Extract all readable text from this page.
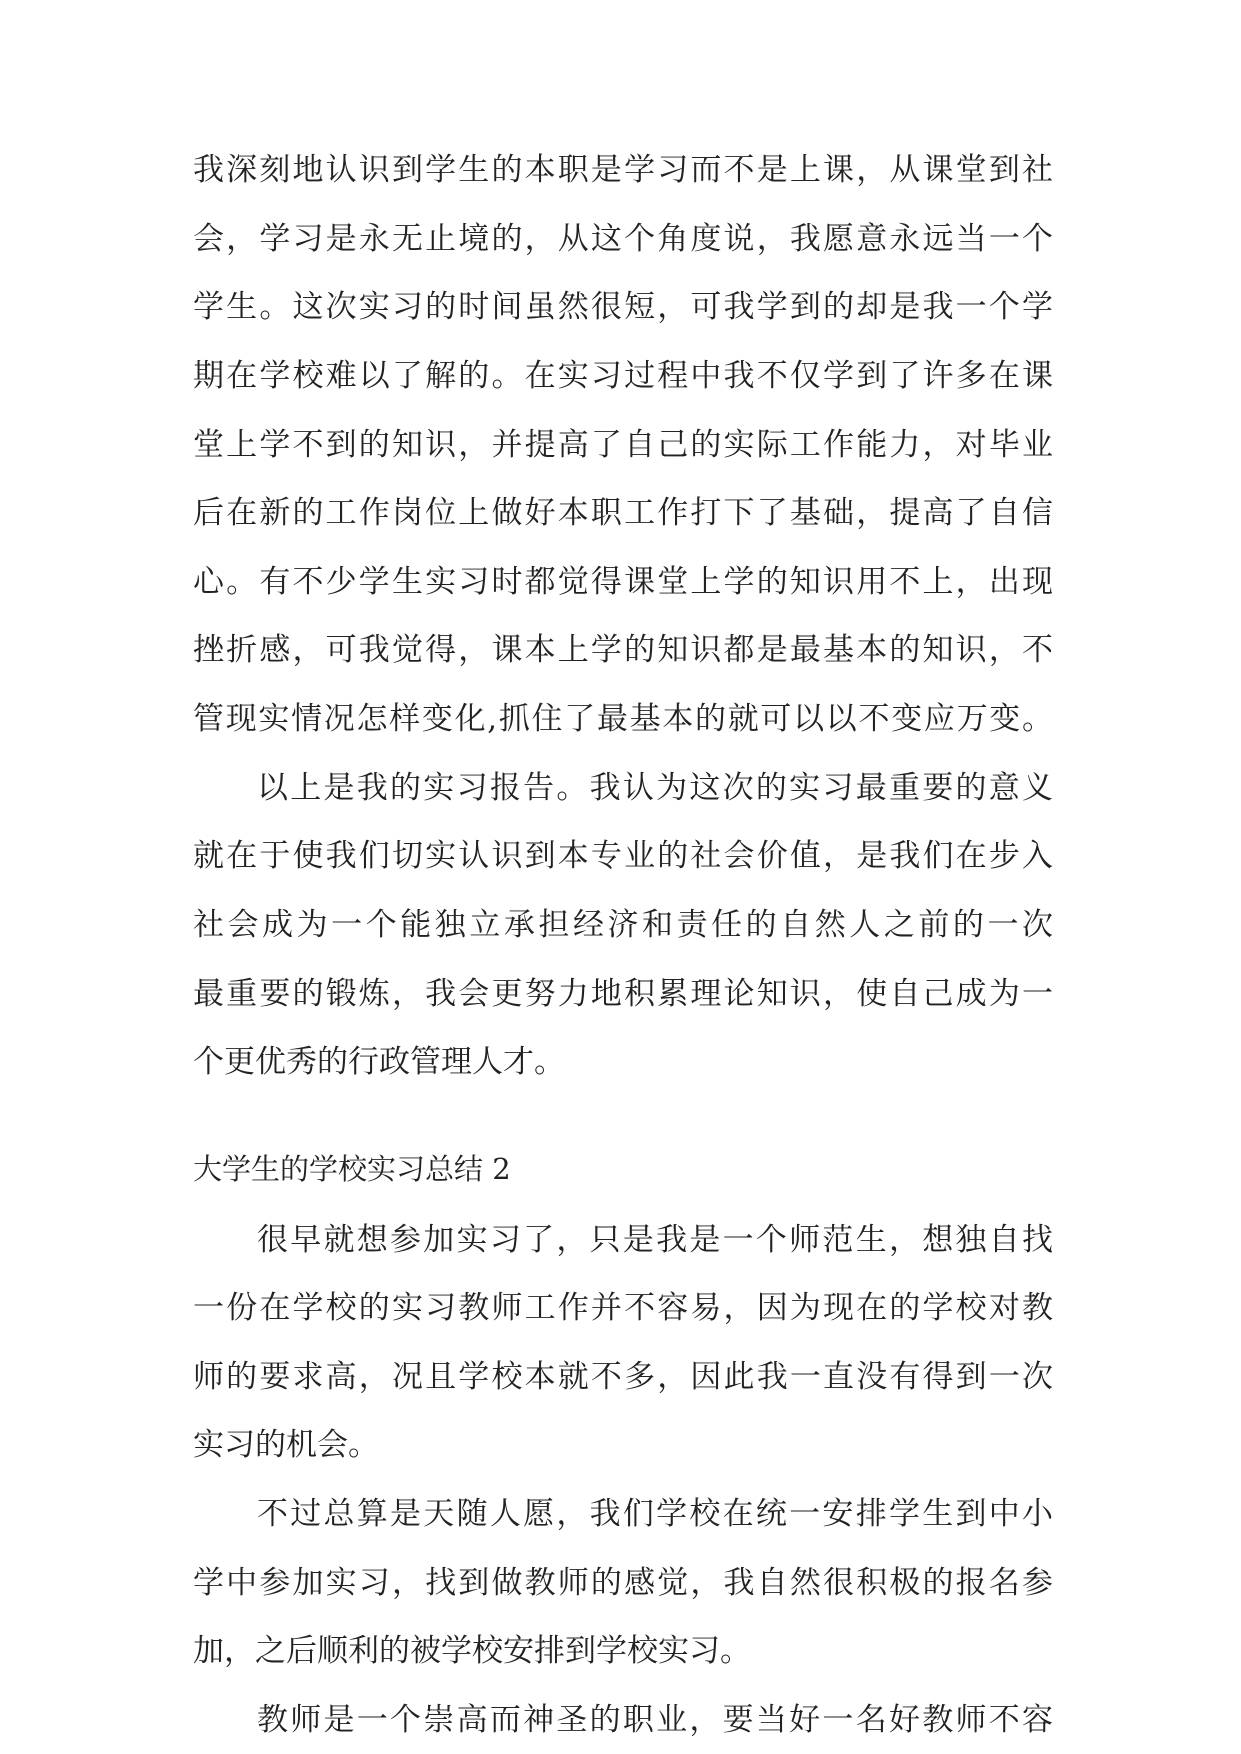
我深刻地认识到学生的本职是学习而不是上课，从课堂到社
会，学习是永无止境的，从这个角度说，我愿意永远当一个
学生。这次实习的时间虽然很短，可我学到的却是我一个学
期在学校难以了解的。在实习过程中我不仅学到了许多在课
堂上学不到的知识，并提高了自己的实际工作能力，对毕业
后在新的工作岗位上做好本职工作打下了基础，提高了自信
心。有不少学生实习时都觉得课堂上学的知识用不上，出现
挫折感，可我觉得，课本上学的知识都是最基本的知识，不
管现实情况怎样变化,抓住了最基本的就可以以不变应万变。
以上是我的实习报告。我认为这次的实习最重要的意义
就在于使我们切实认识到本专业的社会价值，是我们在步入
社会成为一个能独立承担经济和责任的自然人之前的一次
最重要的锻炼，我会更努力地积累理论知识，使自己成为一
个更优秀的行政管理人才。
大学生的学校实习总结 2
很早就想参加实习了，只是我是一个师范生，想独自找
一份在学校的实习教师工作并不容易，因为现在的学校对教
师的要求高，况且学校本就不多，因此我一直没有得到一次
实习的机会。
不过总算是天随人愿，我们学校在统一安排学生到中小
学中参加实习，找到做教师的感觉，我自然很积极的报名参
加，之后顺利的被学校安排到学校实习。
教师是一个崇高而神圣的职业，要当好一名好教师不容
